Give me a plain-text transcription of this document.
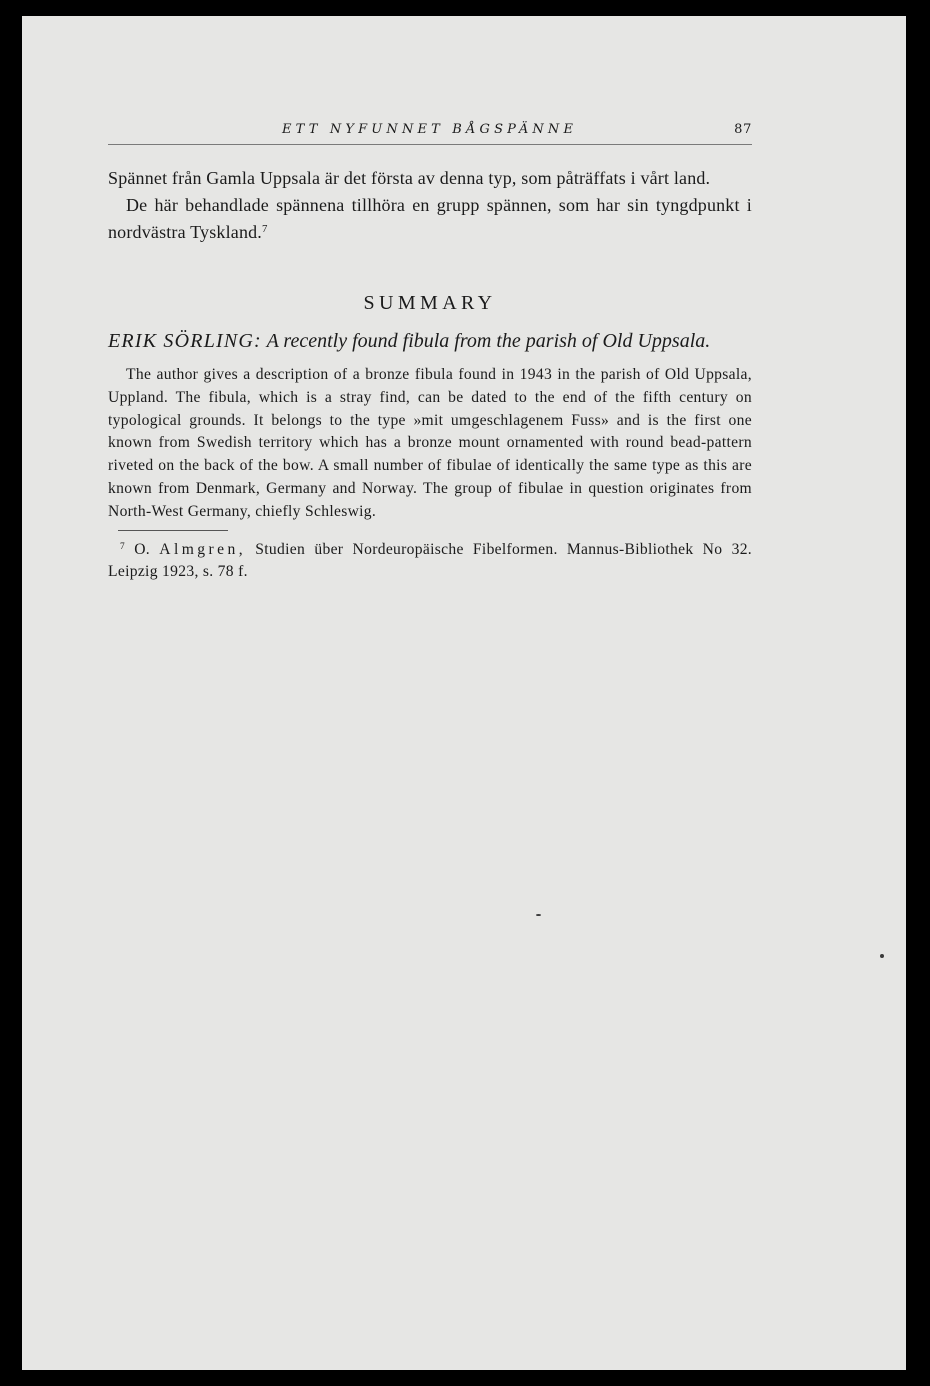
ETT NYFUNNET BÅGSPÄNNE	87

Spännet från Gamla Uppsala är det första av denna typ, som påträffats i vårt land.

De här behandlade spännena tillhöra en grupp spännen, som har sin tyngdpunkt i nordvästra Tyskland.$^7$

SUMMARY
ERIK SÖRLING: A recently found fibula from the parish of Old Uppsala.
The author gives a description of a bronze fibula found in 1943 in the parish of Old Uppsala, Uppland. The fibula, which is a stray find, can be dated to the end of the fifth century on typological grounds. It belongs to the type »mit umgeschlagenem Fuss» and is the first one known from Swedish territory which has a bronze mount ornamented with round bead-pattern riveted on the back of the bow. A small number of fibulae of identically the same type as this are known from Denmark, Germany and Norway. The group of fibulae in question originates from North-West Germany, chiefly Schleswig.
$^7$ O. Almgren, Studien über Nordeuropäische Fibelformen. Mannus-Bibliothek No 32. Leipzig 1923, s. 78 f.
